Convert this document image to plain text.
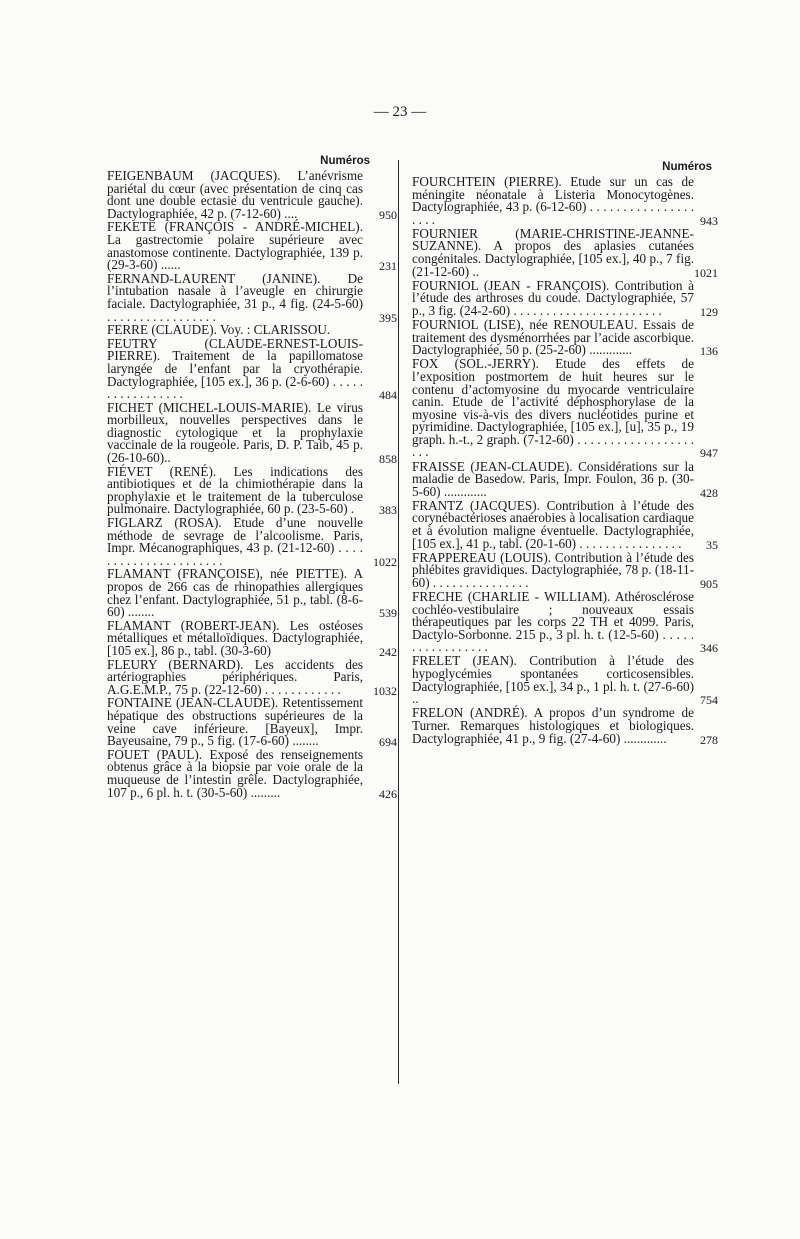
— 23 —
Numéros
FEIGENBAUM (JACQUES). L’anévrisme pariétal du cœur (avec présentation de cinq cas dont une double ectasie du ventricule gauche). Dactylographiée, 42 p. (7-12-60) ....	950
FEKETE (FRANÇOIS - ANDRÉ-MICHEL). La gastrectomie polaire supérieure avec anastomose continente. Dactylographiée, 139 p. (29-3-60) ......	231
FERNAND-LAURENT (JANINE). De l’intubation nasale à l’aveugle en chirurgie faciale. Dactylographiée, 31 p., 4 fig. (24-5-60) . . . . . . . . . . . . . . . . .	395
FERRE (CLAUDE). Voy. : CLARISSOU.
FEUTRY (CLAUDE-ERNEST-LOUIS-PIERRE). Traitement de la papillomatose laryngée de l’enfant par la cryothérapie. Dactylographiée, [105 ex.], 36 p. (2-6-60) . . . . . . . . . . . . . . . . .	484
FICHET (MICHEL-LOUIS-MARIE). Le virus morbilleux, nouvelles perspectives dans le diagnostic cytologique et la prophylaxie vaccinale de la rougeole. Paris, D. P. Taib, 45 p. (26-10-60)..	858
FIÉVET (RENÉ). Les indications des antibiotiques et de la chimiothérapie dans la prophylaxie et le traitement de la tuberculose pulmonaire. Dactylographiée, 60 p. (23-5-60) .	383
FIGLARZ (ROSA). Etude d’une nouvelle méthode de sevrage de l’alcoolisme. Paris, Impr. Mécanographiques, 43 p. (21-12-60) . . . . . . . . . . . . . . . . . . . . . .	1022
FLAMANT (FRANÇOISE), née PIETTE). A propos de 266 cas de rhinopathies allergiques chez l’enfant. Dactylographiée, 51 p., tabl. (8-6-60) ........	539
FLAMANT (ROBERT-JEAN). Les ostéoses métalliques et métalloïdiques. Dactylographiée, [105 ex.], 86 p., tabl. (30-3-60)	242
FLEURY (BERNARD). Les accidents des artériographies périphériques. Paris, A.G.E.M.P., 75 p. (22-12-60) . . . . . . . . . . . .	1032
FONTAINE (JEAN-CLAUDE). Retentissement hépatique des obstructions supérieures de la veine cave inférieure. [Bayeux], Impr. Bayeusaine, 79 p., 5 fig. (17-6-60) ........	694
FOUET (PAUL). Exposé des renseignements obtenus grâce à la biopsie par voie orale de la muqueuse de l’intestin grêle. Dactylographiée, 107 p., 6 pl. h. t. (30-5-60) .........	426
Numéros
FOURCHTEIN (PIERRE). Etude sur un cas de méningite néonatale à Listeria Monocytogènes. Dactylographiée, 43 p. (6-12-60) . . . . . . . . . . . . . . . . . . . .	943
FOURNIER (MARIE-CHRISTINE-JEANNE-SUZANNE). A propos des aplasies cutanées congénitales. Dactylographiée, [105 ex.], 40 p., 7 fig. (21-12-60) ..	1021
FOURNIOL (JEAN - FRANÇOIS). Contribution à l’étude des arthroses du coude. Dactylographiée, 57 p., 3 fig. (24-2-60) . . . . . . . . . . . . . . . . . . . . . . .	129
FOURNIOL (LISE), née RENOULEAU. Essais de traitement des dysménorrhées par l’acide ascorbique. Dactylographiée, 50 p. (25-2-60) .............	136
FOX (SOL.-JERRY). Etude des effets de l’exposition postmortem de huit heures sur le contenu d’actomyosine du myocarde ventriculaire canin. Etude de l’activité déphosphorylase de la myosine vis-à-vis des divers nucléotides purine et pyrimidine. Dactylographiée, [105 ex.], [u], 35 p., 19 graph. h.-t., 2 graph. (7-12-60) . . . . . . . . . . . . . . . . . . . . .	947
FRAISSE (JEAN-CLAUDE). Considérations sur la maladie de Basedow. Paris, Impr. Foulon, 36 p. (30-5-60) .............	428
FRANTZ (JACQUES). Contribution à l’étude des corynébactérioses anaérobies à localisation cardiaque et à évolution maligne éventuelle. Dactylographiée, [105 ex.], 41 p., tabl. (20-1-60) . . . . . . . . . . . . . . . .	35
FRAPPEREAU (LOUIS). Contribution à l’étude des phlébites gravidiques. Dactylographiée, 78 p. (18-11-60) . . . . . . . . . . . . . . .	905
FRECHE (CHARLIE - WILLIAM). Athérosclérose cochléo-vestibulaire ; nouveaux essais thérapeutiques par les corps 22 TH et 4099. Paris, Dactylo-Sorbonne. 215 p., 3 pl. h. t. (12-5-60) . . . . . . . . . . . . . . . . .	346
FRELET (JEAN). Contribution à l’étude des hypoglycémies spontanées corticosensibles. Dactylographiée, [105 ex.], 34 p., 1 pl. h. t. (27-6-60) ..	754
FRELON (ANDRÉ). A propos d’un syndrome de Turner. Remarques histologiques et biologiques. Dactylographiée, 41 p., 9 fig. (27-4-60) .............	278
